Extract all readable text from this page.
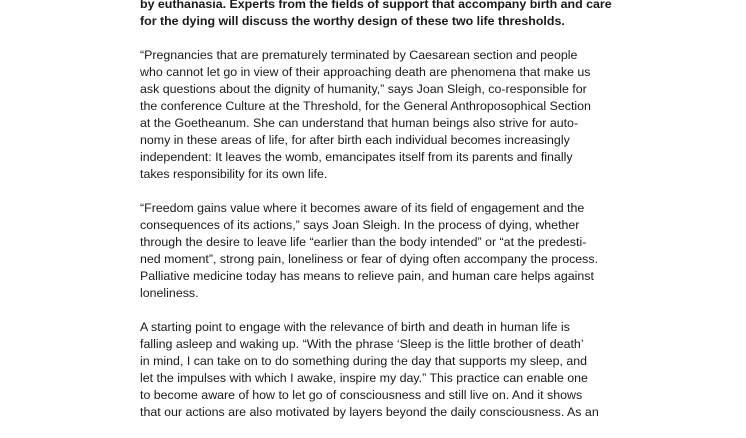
by euthanasia. Experts from the fields of support that accompany birth and care
for the dying will discuss the worthy design of these two life thresholds.

“Pregnancies that are prematurely terminated by Caesarean section and people
who cannot let go in view of their approaching death are phenomena that make us
ask questions about the dignity of humanity,” says Joan Sleigh, co-responsible for
the conference Culture at the Threshold, for the General Anthroposophical Section
at the Goetheanum. She can understand that human beings also strive for auto-
nomy in these areas of life, for after birth each individual becomes increasingly
independent: It leaves the womb, emancipates itself from its parents and finally
takes responsibility for its own life.

“Freedom gains value where it becomes aware of its field of engagement and the
consequences of its actions,” says Joan Sleigh. In the process of dying, whether
through the desire to leave life “earlier than the body intended” or “at the predesti-
ned moment”, strong pain, loneliness or fear of dying often accompany the process.
Palliative medicine today has means to relieve pain, and human care helps against
loneliness.

A starting point to engage with the relevance of birth and death in human life is
falling asleep and waking up. “With the phrase ‘Sleep is the little brother of death’
in mind, I can take on to do something during the day that supports my sleep, and
let the impulses with which I awake, inspire my day.” This practice can enable one
to become aware of how to let go of consciousness and still live on. And it shows
that our actions are also motivated by layers beyond the daily consciousness. As an
